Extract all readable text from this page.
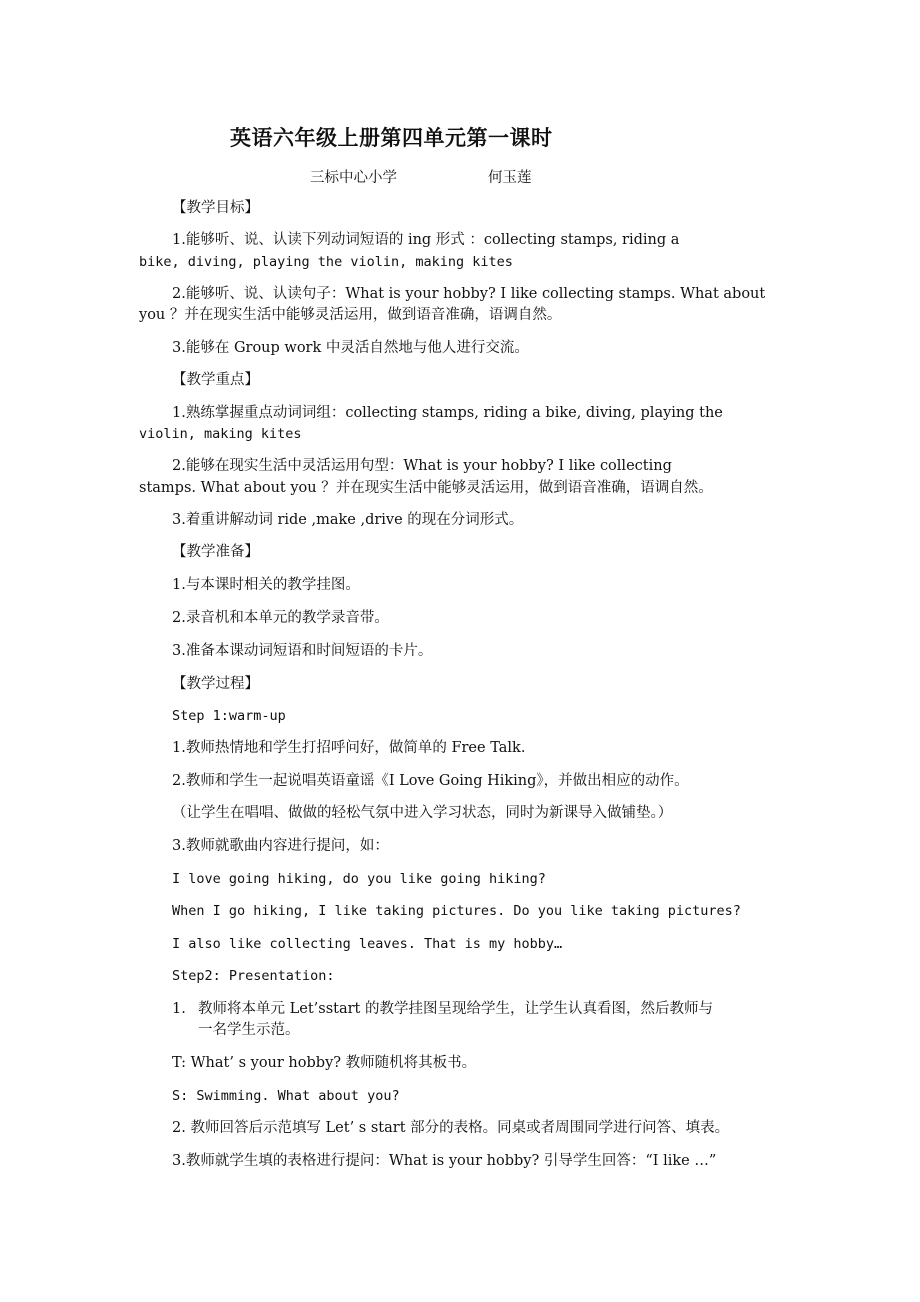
英语六年级上册第四单元第一课时
三标中心小学	何玉莲
【教学目标】
1.能够听、说、认读下列动词短语的 ing 形式 ：collecting stamps, riding a
bike, diving, playing the violin, making kites
2.能够听、说、认读句子：What is your hobby? I like collecting stamps. What about
you ？并在现实生活中能够灵活运用，做到语音准确，语调自然。
3.能够在 Group work 中灵活自然地与他人进行交流。
【教学重点】
1.熟练掌握重点动词词组：collecting stamps, riding a bike, diving, playing the
violin, making kites
2.能够在现实生活中灵活运用句型：What is your hobby? I like collecting
stamps. What about you ？并在现实生活中能够灵活运用，做到语音准确，语调自然。
3.着重讲解动词 ride ,make ,drive 的现在分词形式。
【教学准备】
1.与本课时相关的教学挂图。
2.录音机和本单元的教学录音带。
3.准备本课动词短语和时间短语的卡片。
【教学过程】
Step 1:warm-up
1.教师热情地和学生打招呼问好，做简单的 Free Talk.
2.教师和学生一起说唱英语童谣《I Love Going Hiking》，并做出相应的动作。
（让学生在唱唱、做做的轻松气氛中进入学习状态，同时为新课导入做铺垫。）
3.教师就歌曲内容进行提问，如：
I love going hiking, do you like going hiking?
When I go hiking, I like taking pictures. Do you like taking pictures?
I also like collecting leaves. That is my hobby…
Step2: Presentation:
1. 教师将本单元 Let’sstart 的教学挂图呈现给学生，让学生认真看图，然后教师与
一名学生示范。
T: What’ s your hobby? 教师随机将其板书。
S: Swimming. What about you?
2. 教师回答后示范填写 Let’ s start 部分的表格。同桌或者周围同学进行问答、填表。
3.教师就学生填的表格进行提问：What is your hobby? 引导学生回答：“I like …”
